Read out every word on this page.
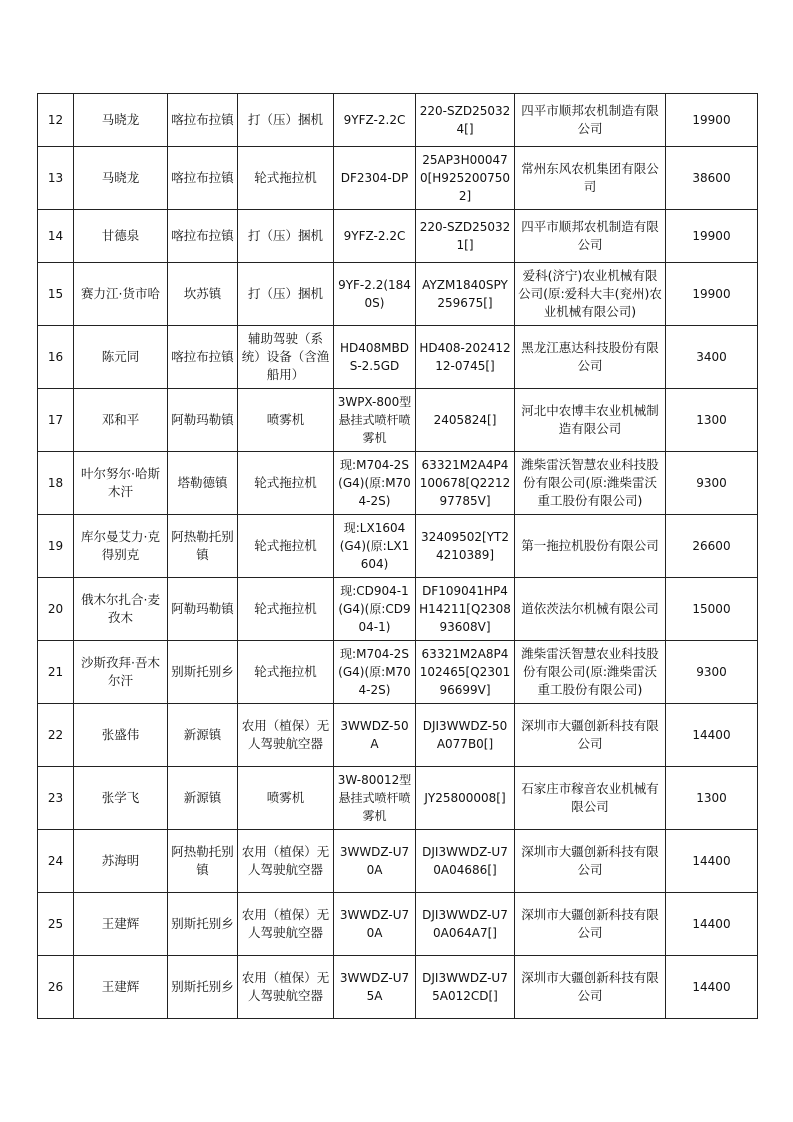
12	马晓龙	喀拉布拉镇	打（压）捆机	9YFZ-2.2C	220-SZD250324[]	四平市顺邦农机制造有限公司	19900
13	马晓龙	喀拉布拉镇	轮式拖拉机	DF2304-DP	25AP3H000470[H9252007502]	常州东风农机集团有限公司	38600
14	甘德泉	喀拉布拉镇	打（压）捆机	9YFZ-2.2C	220-SZD250321[]	四平市顺邦农机制造有限公司	19900
15	赛力江·货市哈	坎苏镇	打（压）捆机	9YF-2.2(1840S)	AYZM1840SPY259675[]	爱科(济宁)农业机械有限公司(原:爱科大丰(兖州)农业机械有限公司)	19900
16	陈元同	喀拉布拉镇	辅助驾驶（系统）设备（含渔船用）	HD408MBDS-2.5GD	HD408-20241212-0745[]	黑龙江惠达科技股份有限公司	3400
17	邓和平	阿勒玛勒镇	喷雾机	3WPX-800型悬挂式喷杆喷雾机	2405824[]	河北中农博丰农业机械制造有限公司	1300
18	叶尔努尔·哈斯木汗	塔勒德镇	轮式拖拉机	现:M704-2S(G4)(原:M704-2S)	63321M2A4P4100678[Q221297785V]	潍柴雷沃智慧农业科技股份有限公司(原:潍柴雷沃重工股份有限公司)	9300
19	库尔曼艾力·克得别克	阿热勒托别镇	轮式拖拉机	现:LX1604(G4)(原:LX1604)	32409502[YT24210389]	第一拖拉机股份有限公司	26600
20	俄木尔扎合·麦孜木	阿勒玛勒镇	轮式拖拉机	现:CD904-1(G4)(原:CD904-1)	DF109041HP4H14211[Q230893608V]	道依茨法尔机械有限公司	15000
21	沙斯孜拜·吾木尔汗	别斯托别乡	轮式拖拉机	现:M704-2S(G4)(原:M704-2S)	63321M2A8P4102465[Q230196699V]	潍柴雷沃智慧农业科技股份有限公司(原:潍柴雷沃重工股份有限公司)	9300
22	张盛伟	新源镇	农用（植保）无人驾驶航空器	3WWDZ-50A	DJI3WWDZ-50A077B0[]	深圳市大疆创新科技有限公司	14400
23	张学飞	新源镇	喷雾机	3W-80012型悬挂式喷杆喷雾机	JY25800008[]	石家庄市稼音农业机械有限公司	1300
24	苏海明	阿热勒托别镇	农用（植保）无人驾驶航空器	3WWDZ-U70A	DJI3WWDZ-U70A04686[]	深圳市大疆创新科技有限公司	14400
25	王建辉	别斯托别乡	农用（植保）无人驾驶航空器	3WWDZ-U70A	DJI3WWDZ-U70A064A7[]	深圳市大疆创新科技有限公司	14400
26	王建辉	别斯托别乡	农用（植保）无人驾驶航空器	3WWDZ-U75A	DJI3WWDZ-U75A012CD[]	深圳市大疆创新科技有限公司	14400
